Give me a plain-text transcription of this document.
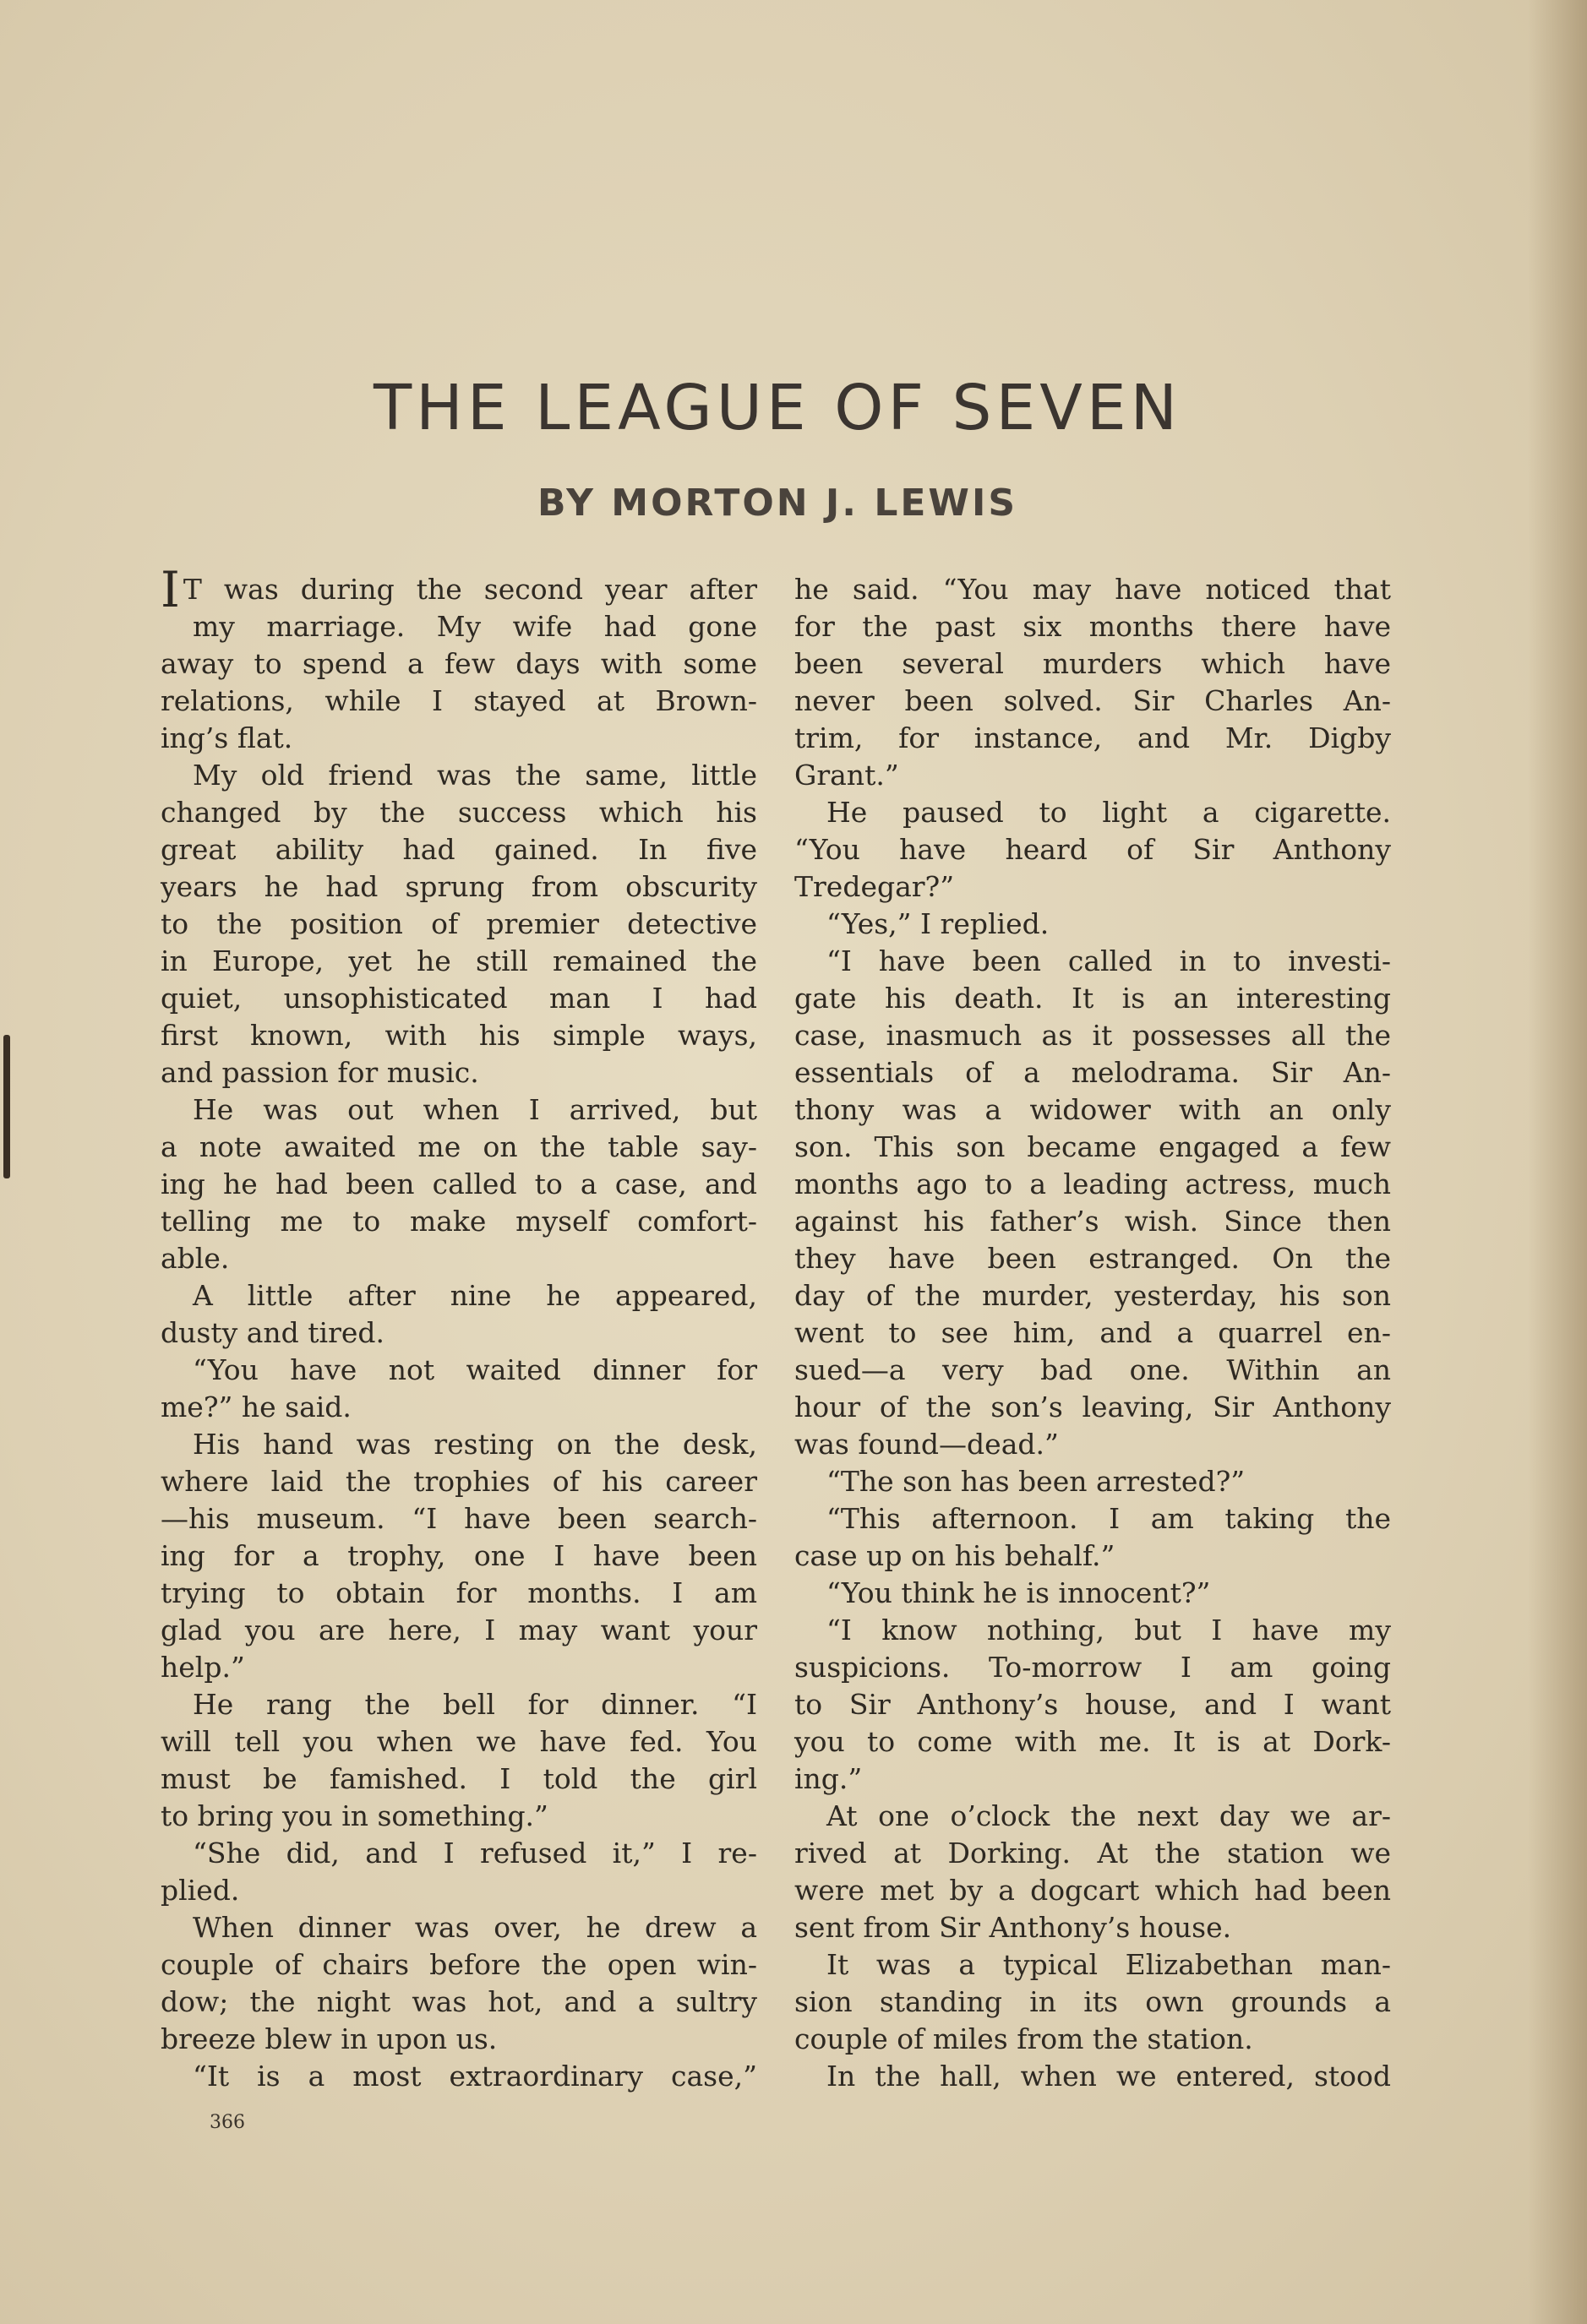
THE LEAGUE OF SEVEN
BY MORTON J. LEWIS
I T was during the second year after
my marriage. My wife had gone
away to spend a few days with some
relations, while I stayed at Brown-
ing’s flat.
My old friend was the same, little
changed by the success which his
great ability had gained. In five
years he had sprung from obscurity
to the position of premier detective
in Europe, yet he still remained the
quiet, unsophisticated man I had
first known, with his simple ways,
and passion for music.
He was out when I arrived, but
a note awaited me on the table say-
ing he had been called to a case, and
telling me to make myself comfort-
able.
A little after nine he appeared,
dusty and tired.
“You have not waited dinner for
me?” he said.
His hand was resting on the desk,
where laid the trophies of his career
—his museum. “I have been search-
ing for a trophy, one I have been
trying to obtain for months. I am
glad you are here, I may want your
help.”
He rang the bell for dinner. “I
will tell you when we have fed. You
must be famished. I told the girl
to bring you in something.”
“She did, and I refused it,” I re-
plied.
When dinner was over, he drew a
couple of chairs before the open win-
dow; the night was hot, and a sultry
breeze blew in upon us.
“It is a most extraordinary case,”
he said. “You may have noticed that
for the past six months there have
been several murders which have
never been solved. Sir Charles An-
trim, for instance, and Mr. Digby
Grant.”
He paused to light a cigarette.
“You have heard of Sir Anthony
Tredegar?”
“Yes,” I replied.
“I have been called in to investi-
gate his death. It is an interesting
case, inasmuch as it possesses all the
essentials of a melodrama. Sir An-
thony was a widower with an only
son. This son became engaged a few
months ago to a leading actress, much
against his father’s wish. Since then
they have been estranged. On the
day of the murder, yesterday, his son
went to see him, and a quarrel en-
sued—a very bad one. Within an
hour of the son’s leaving, Sir Anthony
was found—dead.”
“The son has been arrested?”
“This afternoon. I am taking the
case up on his behalf.”
“You think he is innocent?”
“I know nothing, but I have my
suspicions. To-morrow I am going
to Sir Anthony’s house, and I want
you to come with me. It is at Dork-
ing.”
At one o’clock the next day we ar-
rived at Dorking. At the station we
were met by a dogcart which had been
sent from Sir Anthony’s house.
It was a typical Elizabethan man-
sion standing in its own grounds a
couple of miles from the station.
In the hall, when we entered, stood
366
